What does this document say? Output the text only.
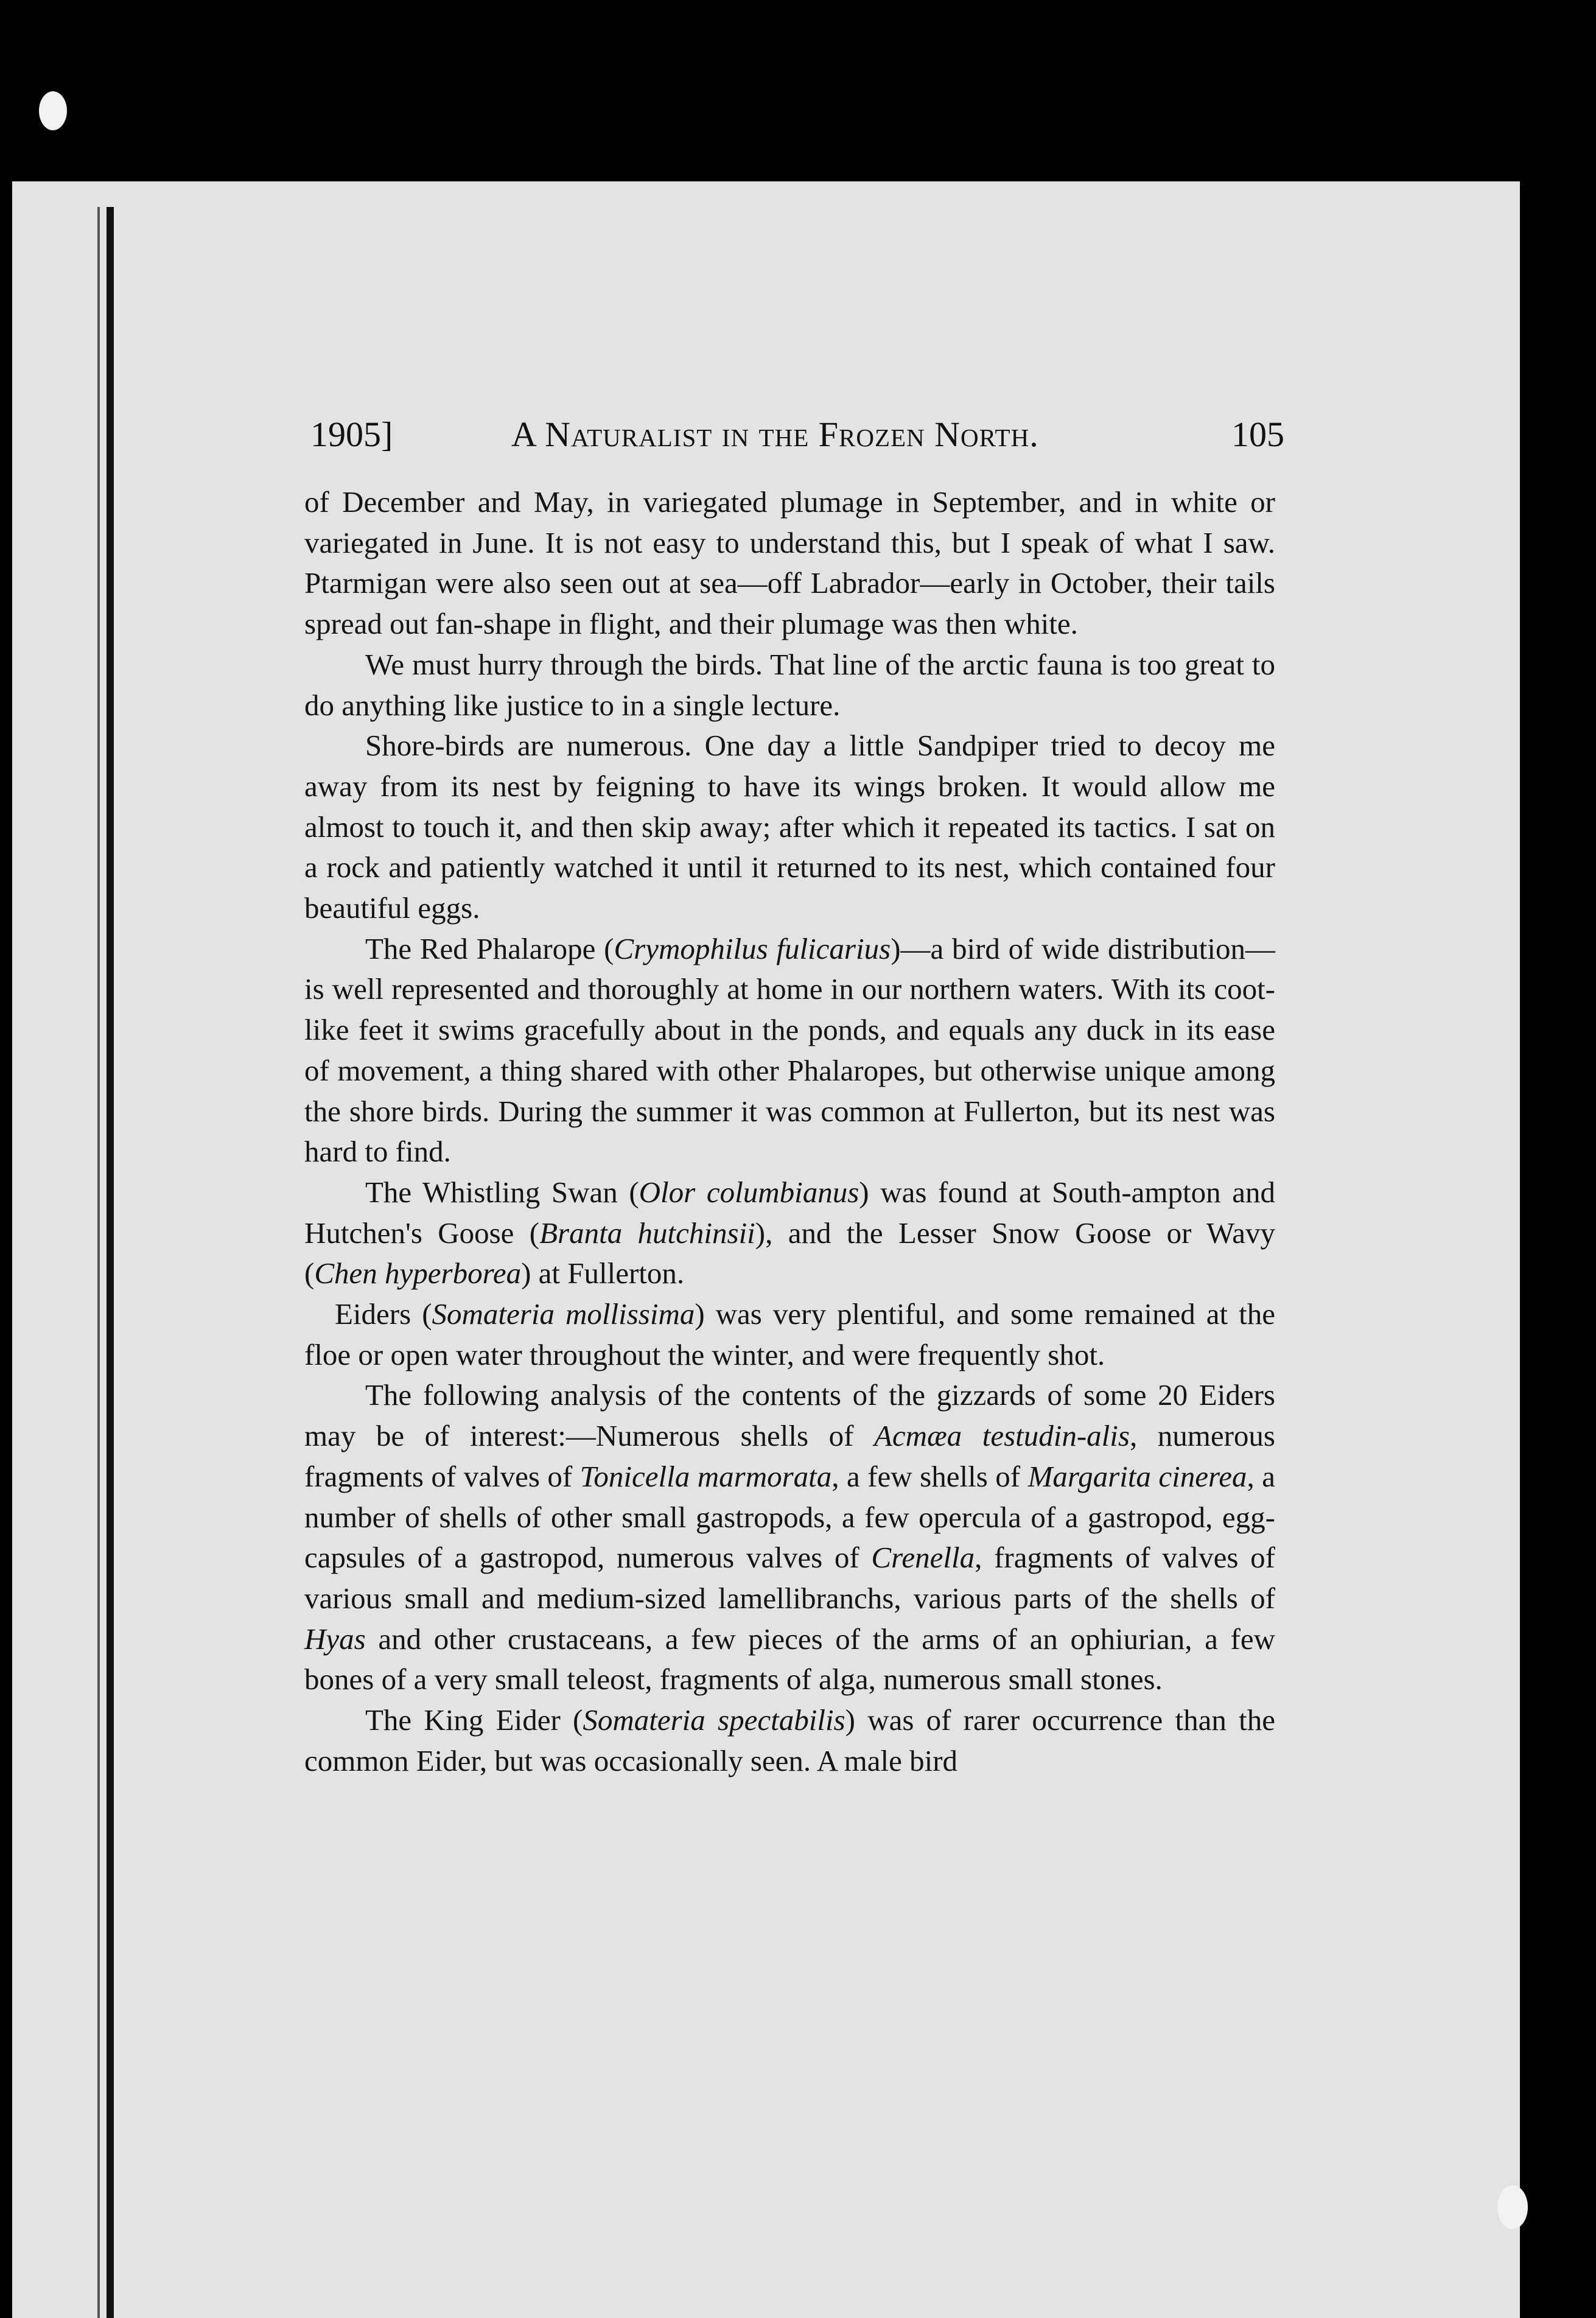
1905]	A Naturalist in the Frozen North.	105

of December and May, in variegated plumage in September, and in white or variegated in June. It is not easy to understand this, but I speak of what I saw. Ptarmigan were also seen out at sea—off Labrador—early in October, their tails spread out fan-shape in flight, and their plumage was then white.

We must hurry through the birds. That line of the arctic fauna is too great to do anything like justice to in a single lecture.

Shore-birds are numerous. One day a little Sandpiper tried to decoy me away from its nest by feigning to have its wings broken. It would allow me almost to touch it, and then skip away; after which it repeated its tactics. I sat on a rock and patiently watched it until it returned to its nest, which contained four beautiful eggs.

The Red Phalarope (Crymophilus fulicarius)—a bird of wide distribution—is well represented and thoroughly at home in our northern waters. With its coot-like feet it swims gracefully about in the ponds, and equals any duck in its ease of movement, a thing shared with other Phalaropes, but otherwise unique among the shore birds. During the summer it was common at Fullerton, but its nest was hard to find.

The Whistling Swan (Olor columbianus) was found at South-ampton and Hutchen's Goose (Branta hutchinsii), and the Lesser Snow Goose or Wavy (Chen hyperborea) at Fullerton.

Eiders (Somateria mollissima) was very plentiful, and some remained at the floe or open water throughout the winter, and were frequently shot.

The following analysis of the contents of the gizzards of some 20 Eiders may be of interest:—Numerous shells of Acmæa testudin-alis, numerous fragments of valves of Tonicella marmorata, a few shells of Margarita cinerea, a number of shells of other small gastropods, a few opercula of a gastropod, egg-capsules of a gastropod, numerous valves of Crenella, fragments of valves of various small and medium-sized lamellibranchs, various parts of the shells of Hyas and other crustaceans, a few pieces of the arms of an ophiurian, a few bones of a very small teleost, fragments of alga, numerous small stones.

The King Eider (Somateria spectabilis) was of rarer occurrence than the common Eider, but was occasionally seen. A male bird
